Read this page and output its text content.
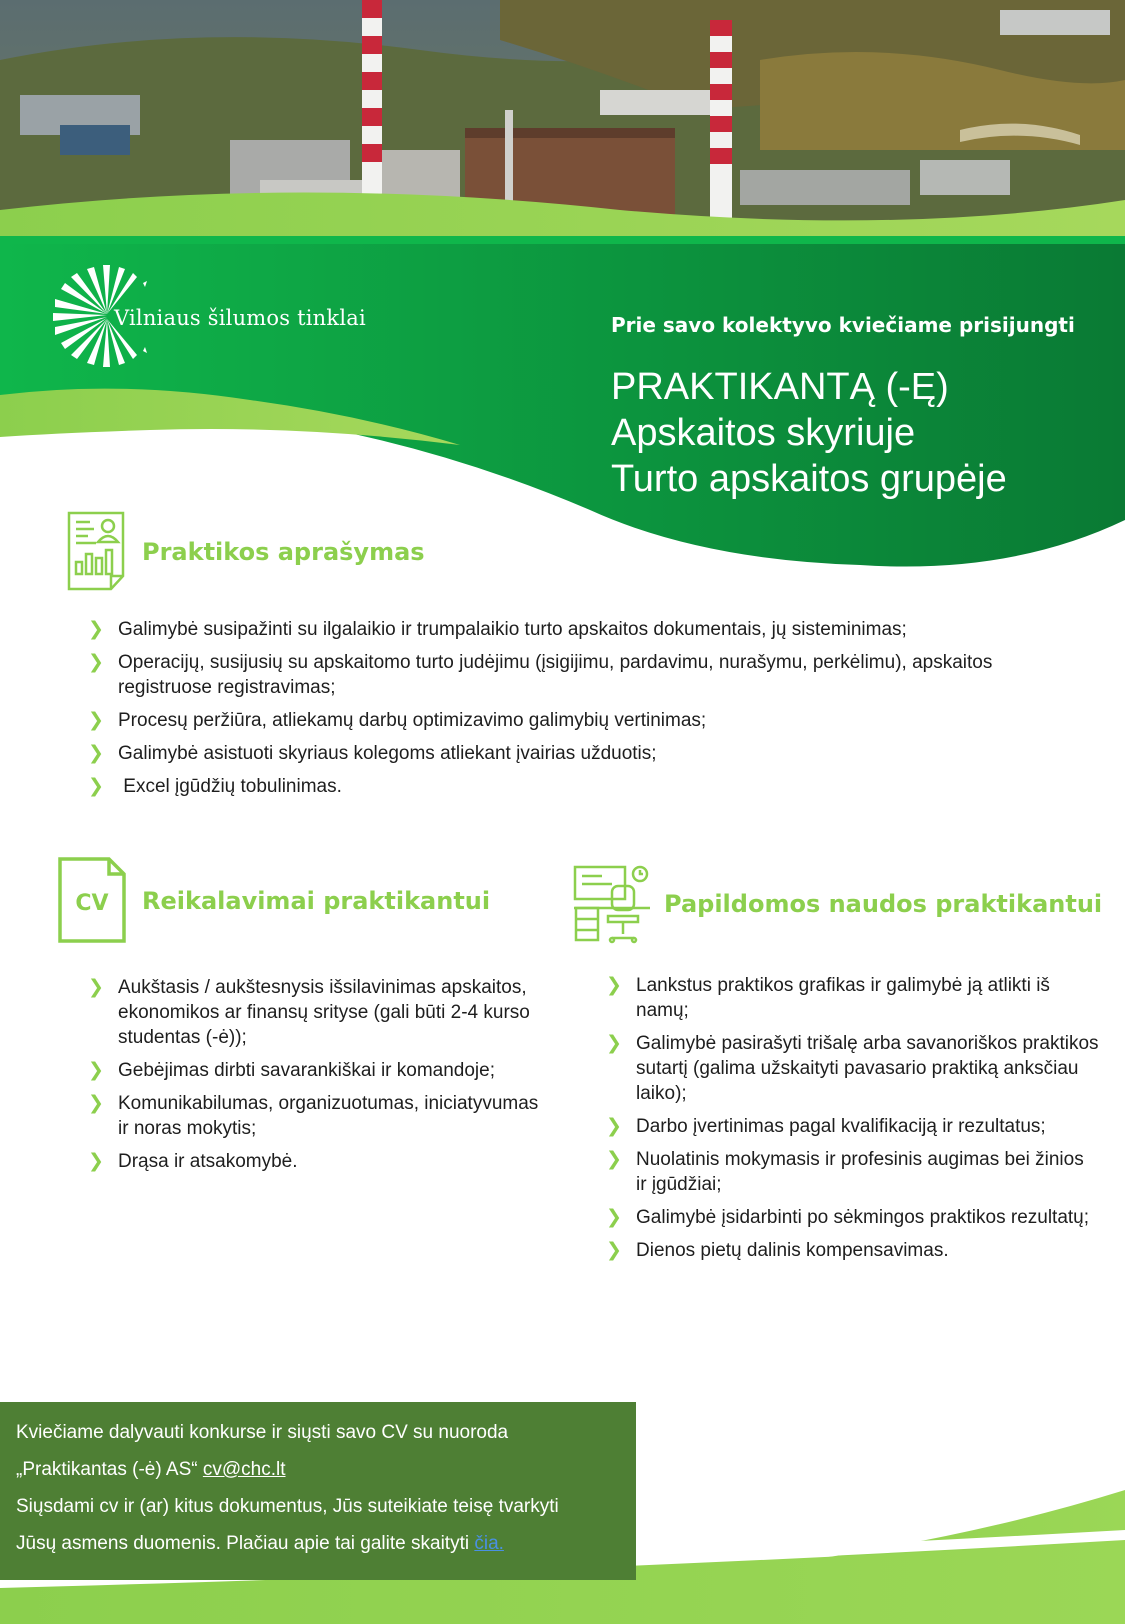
Vilniaus šilumos tinklai	Prie savo kolektyvo kviečiame prisijungti
PRAKTIKANTĄ (-Ę)
Apskaitos skyriuje
Turto apskaitos grupėje
Praktikos aprašymas
❯ Galimybė susipažinti su ilgalaikio ir trumpalaikio turto apskaitos dokumentais, jų sisteminimas;
❯ Operacijų, susijusių su apskaitomo turto judėjimu (įsigijimu, pardavimu, nurašymu, perkėlimu), apskaitos registruose registravimas;
❯ Procesų peržiūra, atliekamų darbų optimizavimo galimybių vertinimas;
❯ Galimybė asistuoti skyriaus kolegoms atliekant įvairias užduotis;
❯ Excel įgūdžių tobulinimas.
CV Reikalavimai praktikantui
❯ Aukštasis / aukštesnysis išsilavinimas apskaitos, ekonomikos ar finansų srityse (gali būti 2-4 kurso studentas (-ė));
❯ Gebėjimas dirbti savarankiškai ir komandoje;
❯ Komunikabilumas, organizuotumas, iniciatyvumas ir noras mokytis;
❯ Drąsa ir atsakomybė.
Papildomos naudos praktikantui
❯ Lankstus praktikos grafikas ir galimybė ją atlikti iš namų;
❯ Galimybė pasirašyti trišalę arba savanoriškos praktikos sutartį (galima užskaityti pavasario praktiką anksčiau laiko);
❯ Darbo įvertinimas pagal kvalifikaciją ir rezultatus;
❯ Nuolatinis mokymasis ir profesinis augimas bei žinios ir įgūdžiai;
❯ Galimybė įsidarbinti po sėkmingos praktikos rezultatų;
❯ Dienos pietų dalinis kompensavimas.

Kviečiame dalyvauti konkurse ir siųsti savo CV su nuoroda

„Praktikantas (-ė) AS“ cv@chc.lt

Siųsdami cv ir (ar) kitus dokumentus, Jūs suteikiate teisę tvarkyti

Jūsų asmens duomenis. Plačiau apie tai galite skaityti čia.
